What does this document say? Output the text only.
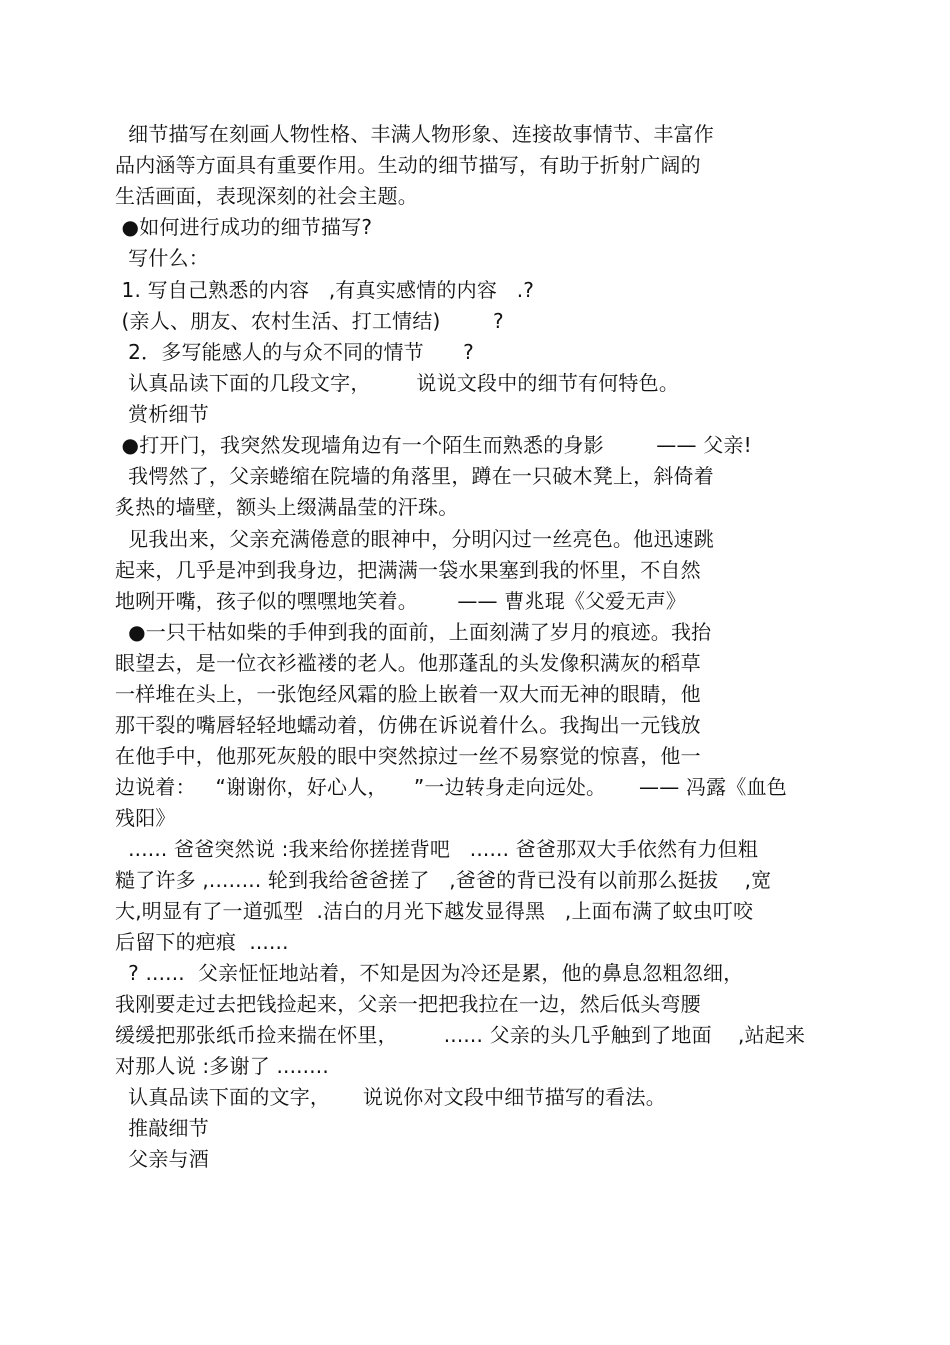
细节描写在刻画人物性格、丰满人物形象、连接故事情节、丰富作
品内涵等方面具有重要作用。生动的细节描写，有助于折射广阔的
生活画面，表现深刻的社会主题。
●如何进行成功的细节描写?
写什么：
1. 写自己熟悉的内容   ,有真实感情的内容   .?
(亲人、朋友、农村生活、打工情结)        ?
2．多写能感人的与众不同的情节      ?
认真品读下面的几段文字，       说说文段中的细节有何特色。
赏析细节
●打开门，我突然发现墙角边有一个陌生而熟悉的身影        —— 父亲!
我愕然了，父亲蜷缩在院墙的角落里，蹲在一只破木凳上，斜倚着
炙热的墙壁，额头上缀满晶莹的汗珠。
见我出来，父亲充满倦意的眼神中，分明闪过一丝亮色。他迅速跳
起来，几乎是冲到我身边，把满满一袋水果塞到我的怀里，不自然
地咧开嘴，孩子似的嘿嘿地笑着。      —— 曹兆琨《父爱无声》
●一只干枯如柴的手伸到我的面前，上面刻满了岁月的痕迹。我抬
眼望去，是一位衣衫褴褛的老人。他那蓬乱的头发像积满灰的稻草
一样堆在头上，一张饱经风霜的脸上嵌着一双大而无神的眼睛，他
那干裂的嘴唇轻轻地蠕动着，仿佛在诉说着什么。我掏出一元钱放
在他手中，他那死灰般的眼中突然掠过一丝不易察觉的惊喜，他一
边说着：   “谢谢你，好心人，    ”一边转身走向远处。     —— 冯露《血色
残阳》
...... 爸爸突然说 :我来给你搓搓背吧   ...... 爸爸那双大手依然有力但粗
糙了许多 ,........ 轮到我给爸爸搓了   ,爸爸的背已没有以前那么挺拔    ,宽
大,明显有了一道弧型  .洁白的月光下越发显得黑   ,上面布满了蚊虫叮咬
后留下的疤痕  ......
? ......  父亲怔怔地站着，不知是因为冷还是累，他的鼻息忽粗忽细，
我刚要走过去把钱捡起来，父亲一把把我拉在一边，然后低头弯腰
缓缓把那张纸币捡来揣在怀里，       ...... 父亲的头几乎触到了地面    ,站起来
对那人说 :多谢了 ........
认真品读下面的文字，     说说你对文段中细节描写的看法。
推敲细节
父亲与酒
